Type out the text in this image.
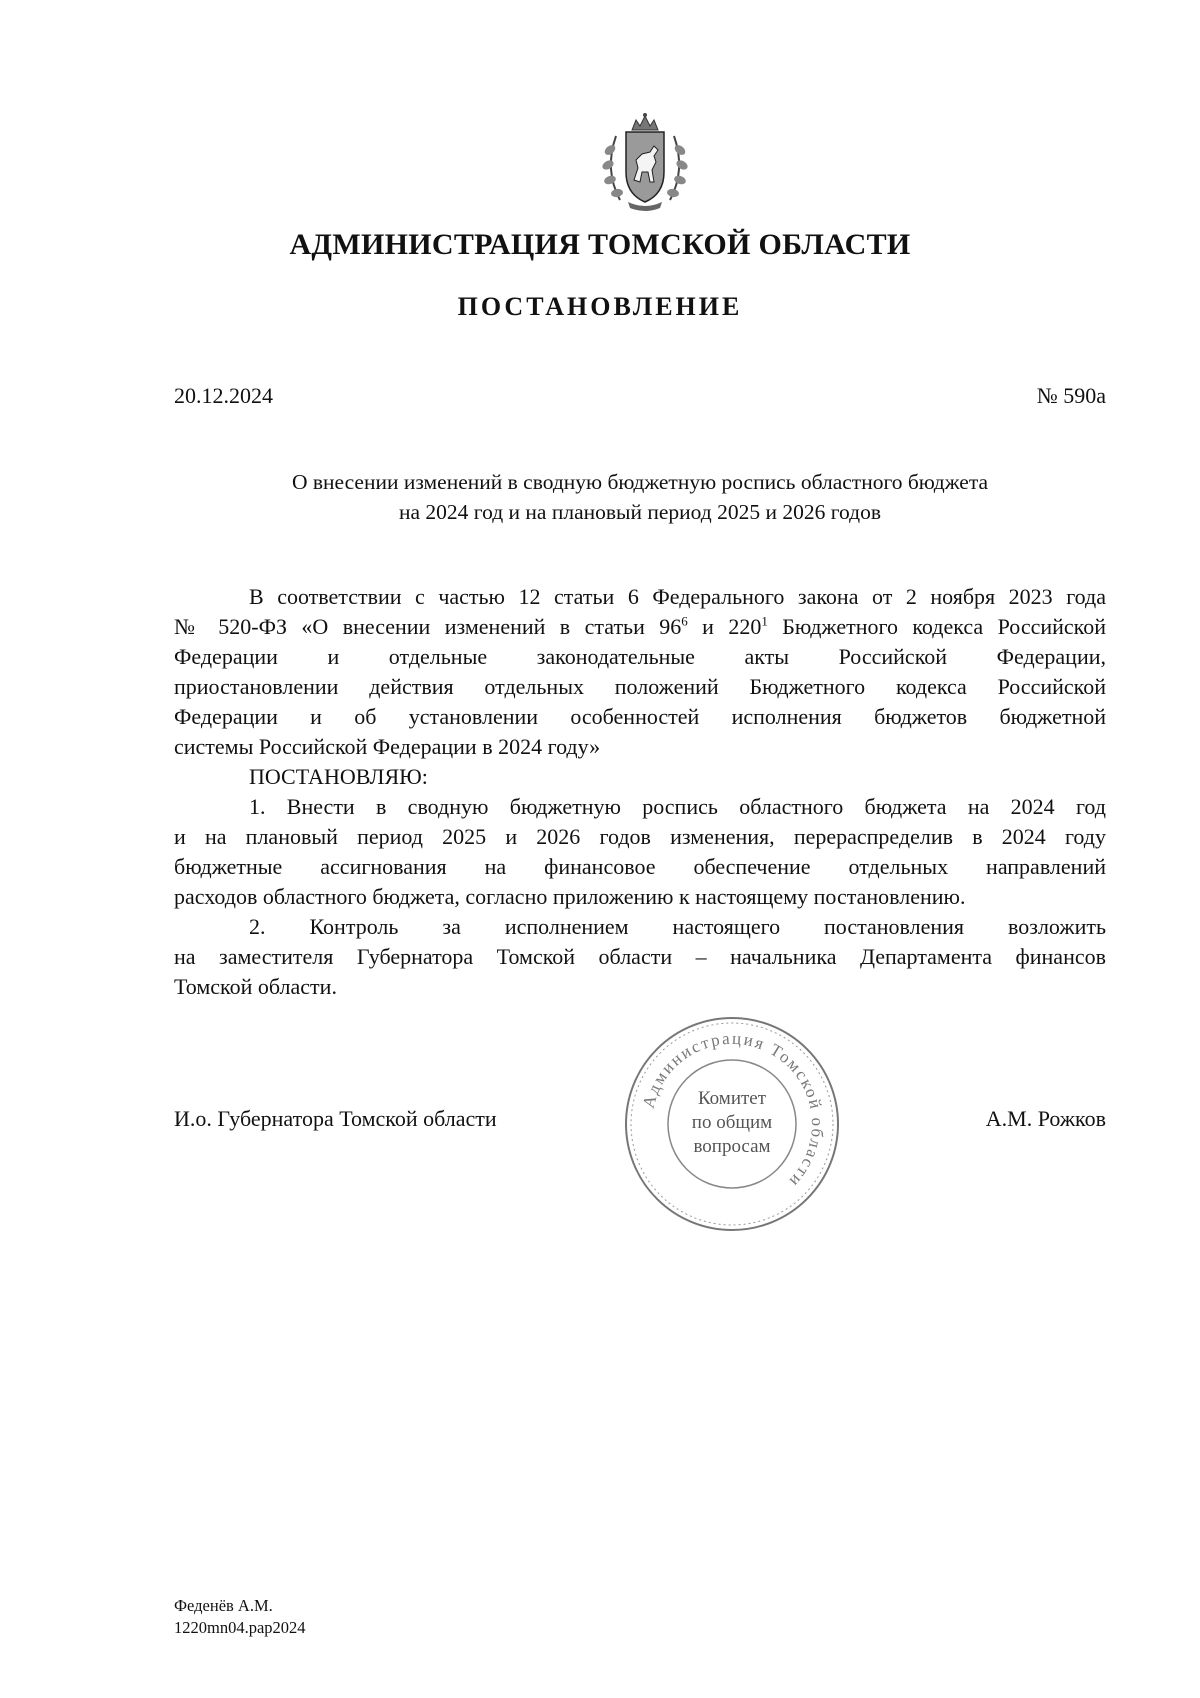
АДМИНИСТРАЦИЯ ТОМСКОЙ ОБЛАСТИ
ПОСТАНОВЛЕНИЕ
20.12.2024	№ 590а
О внесении изменений в сводную бюджетную роспись областного бюджета
на 2024 год и на плановый период 2025 и 2026 годов
В соответствии с частью 12 статьи 6 Федерального закона от 2 ноября 2023 года
№ 520-ФЗ «О внесении изменений в статьи $96^6$ и $220^1$ Бюджетного кодекса Российской
Федерации и отдельные законодательные акты Российской Федерации,
приостановлении действия отдельных положений Бюджетного кодекса Российской
Федерации и об установлении особенностей исполнения бюджетов бюджетной
системы Российской Федерации в 2024 году»
ПОСТАНОВЛЯЮ:
1. Внести в сводную бюджетную роспись областного бюджета на 2024 год
и на плановый период 2025 и 2026 годов изменения, перераспределив в 2024 году
бюджетные ассигнования на финансовое обеспечение отдельных направлений
расходов областного бюджета, согласно приложению к настоящему постановлению.
2. Контроль за исполнением настоящего постановления возложить
на заместителя Губернатора Томской области – начальника Департамента финансов
Томской области.
И.о. Губернатора Томской области
Администрация Томской области
Комитет
по общим
вопросам
А.М. Рожков
Феденёв А.М.
1220mn04.pap2024
